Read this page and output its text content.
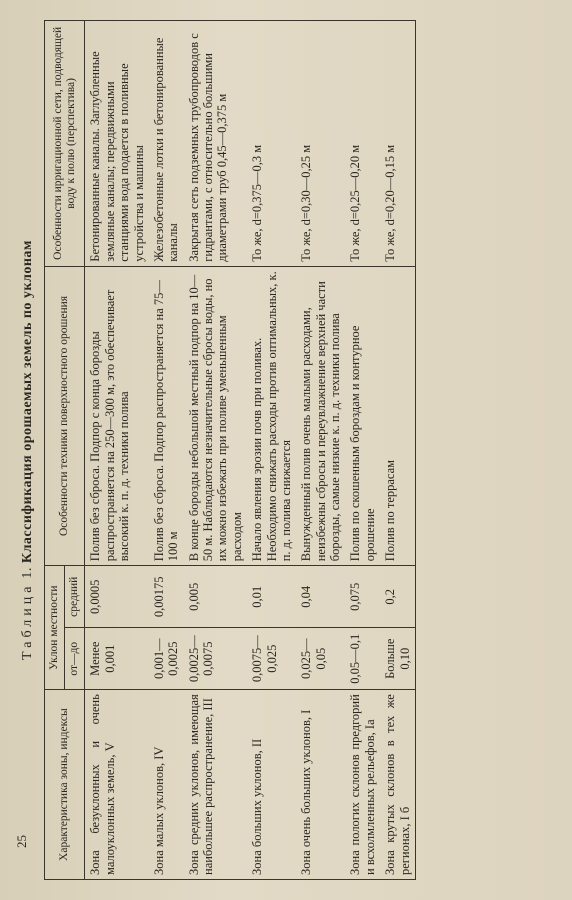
Таблица 1. Классификация орошаемых земель по уклонам
Характеристика зоны, индексы	Уклон местности		Особенности техники поверхностного орошения	Особенности ирригационной сети, подводящей воду к полю (перспектива)
	от—до	средний		
Зона безуклонных и очень малоуклонных земель, V	Менее 0,001	0,0005	Полив без сброса. Подпор с конца борозды распространяется на 250—300 м, это обеспечивает высокий к. п. д. техники полива	Бетонированные каналы. Заглубленные земляные каналы; передвижными станциями вода подается в поливные устройства и машины
Зона малых уклонов, IV	0,001—0,0025	0,00175	Полив без сброса. Подпор распространяется на 75—100 м	Железобетонные лотки и бетонированные каналы
Зона средних уклонов, имеющая наибольшее распространение, III	0,0025—0,0075	0,005	В конце борозды небольшой местный подпор на 10—50 м. Наблюдаются незначительные сбросы воды, но их можно избежать при поливе уменьшенным расходом	Закрытая сеть подземных трубопроводов с гидрантами, с относительно большими диаметрами труб 0,45—0,375 м
Зона больших уклонов, II	0,0075—0,025	0,01	Начало явления эрозии почв при поливах. Необходимо снижать расходы против оптимальных, к. п. д. полива снижается	То же, d=0,375—0,3 м
Зона очень больших уклонов, I	0,025—0,05	0,04	Вынужденный полив очень малыми расходами, неизбежны сбросы и переувлажнение верхней части борозды, самые низкие к. п. д. техники полива	То же, d=0,30—0,25 м
Зона пологих склонов предгорий и всхолмленных рельефов, Iа	0,05—0,1	0,075	Полив по скошенным бороздам и контурное орошение	То же, d=0,25—0,20 м
Зона крутых склонов в тех же регионах, I б	Больше 0,10	0,2	Полив по террасам	То же, d=0,20—0,15 м
25
